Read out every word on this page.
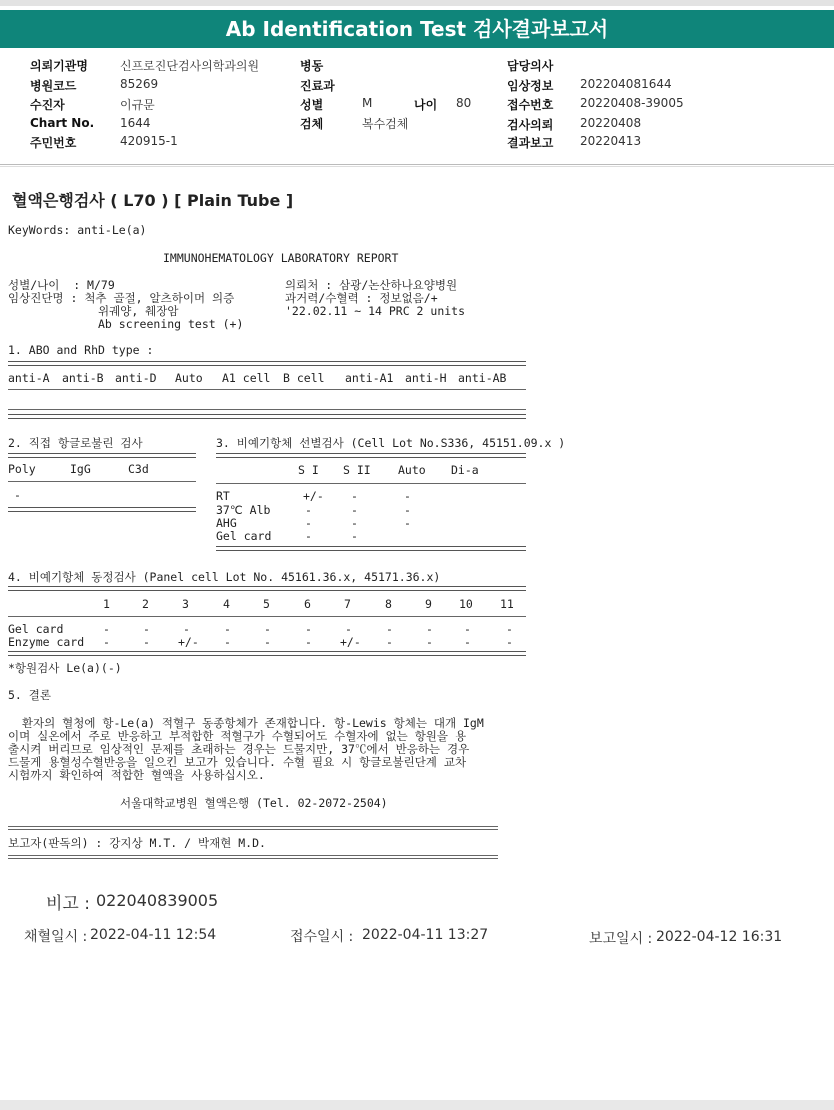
Ab Identification Test 검사결과보고서
의뢰기관명	신프로진단검사의학과의원
병원코드	85269
수진자	이규문
Chart No. 1644
주민번호	420915-1
병동
진료과
성별	M	나이 80
검체	복수검체
담당의사
임상정보 202204081644
접수번호 20220408-39005
검사의뢰 20220408
결과보고 20220413
혈액은행검사 ( L70 ) [ Plain Tube ]
KeyWords: anti-Le(a)
IMMUNOHEMATOLOGY LABORATORY REPORT
성별/나이  : M/79	의뢰처 : 삼광/논산하나요양병원
임상진단명 : 척추 골절, 알츠하이머 의증	과거력/수혈력 : 정보없음/+
위궤양, 췌장암	'22.02.11 ~ 14 PRC 2 units
Ab screening test (+)
1. ABO and RhD type :
anti-A anti-B anti-D Auto A1 cell B cell anti-A1 anti-H anti-AB
2. 직접 항글로불린 검사
Poly	IgG	C3d
-
3. 비예기항체 선별검사 (Cell Lot No.S336, 45151.09.x )
S I S II Auto Di-a
RT	+/- -	-
37℃ Alb	-	-	-
AHG	-	-	-
Gel card	-	-
4. 비예기항체 동정검사 (Panel cell Lot No. 45161.36.x, 45171.36.x)
1	2	3	4	5	6	7	8	9 10 11
Gel card	-	-	-	-	-	-	-	-	-	-	-
Enzyme card -	- +/- -	-	- +/- -	-	-	-
*항원검사 Le(a)(-)
5. 결론
환자의 혈청에 항-Le(a) 적혈구 동종항체가 존재합니다. 항-Lewis 항체는 대개 IgM
이며 실온에서 주로 반응하고 부적합한 적혈구가 수혈되어도 수혈자에 없는 항원을 용
출시켜 버리므로 임상적인 문제를 초래하는 경우는 드물지만, 37℃에서 반응하는 경우
드물게 용혈성수혈반응을 일으킨 보고가 있습니다. 수혈 필요 시 항글로불린단계 교차
시험까지 확인하여 적합한 혈액을 사용하십시오.
서울대학교병원 혈액은행 (Tel. 02-2072-2504)
보고자(판독의) : 강지상 M.T. / 박재현 M.D.
비고 : 022040839005
채혈일시 : 2022-04-11 12:54	접수일시 : 2022-04-11 13:27	보고일시 : 2022-04-12 16:31
